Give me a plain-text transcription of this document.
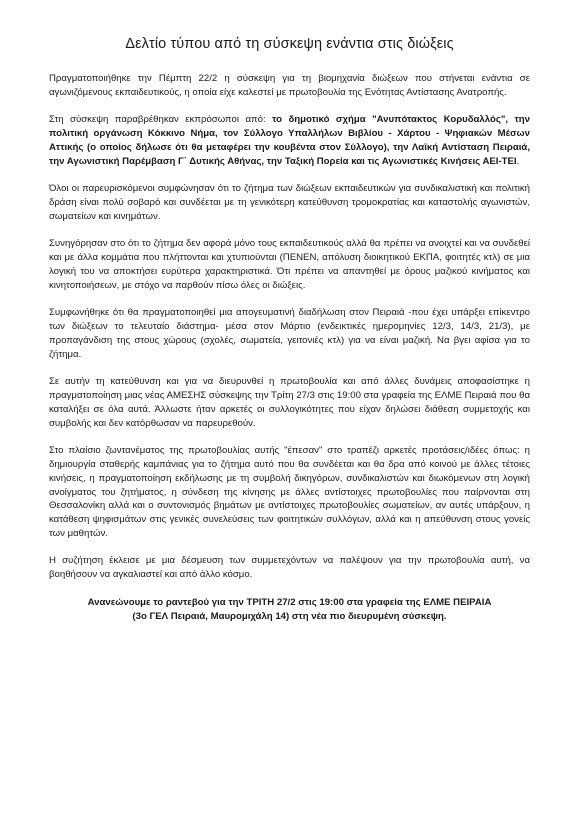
Δελτίο τύπου από τη σύσκεψη ενάντια στις διώξεις

Πραγματοποιήθηκε την Πέμπτη 22/2 η σύσκεψη για τη βιομηχανία διώξεων που στήνεται ενάντια σε αγωνιζόμενους εκπαιδευτικούς, η οποία είχε καλεστεί με πρωτοβουλία της Ενότητας Αντίστασης Ανατροπής.

Στη σύσκεψη παραβρέθηκαν εκπρόσωποι από: το δημοτικό σχήμα "Ανυπότακτος Κορυδαλλός", την πολιτική οργάνωση Κόκκινο Νήμα, τον Σύλλογο Υπαλλήλων Βιβλίου - Χάρτου - Ψηφιακών Μέσων Αττικής (ο οποίος δήλωσε ότι θα μεταφέρει την κουβέντα στον Σύλλογο), την Λαϊκή Αντίσταση Πειραιά, την Αγωνιστική Παρέμβαση Γ΄ Δυτικής Αθήνας, την Ταξική Πορεία και τις Αγωνιστικές Κινήσεις ΑΕΙ-ΤΕΙ.

Όλοι οι παρευρισκόμενοι συμφώνησαν ότι το ζήτημα των διώξεων εκπαιδευτικών για συνδικαλιστική και πολιτική δράση είναι πολύ σοβαρό και συνδέεται με τη γενικότερη κατεύθυνση τρομοκρατίας και καταστολής αγωνιστών, σωματείων και κινημάτων.

Συνηγόρησαν στο ότι το ζήτημα δεν αφορά μόνο τους εκπαιδευτικούς αλλά θα πρέπει να ανοιχτεί και να συνδεθεί και με άλλα κομμάτια που πλήττονται και χτυπιούνται (ΠΕΝΕΝ, απόλυση διοικητικού ΕΚΠΑ, φοιτητές κτλ) σε μια λογική του να αποκτήσει ευρύτερα χαρακτηριστικά. Ότι πρέπει να απαντηθεί με όρους μαζικού κινήματος και κινητοποιήσεων, με στόχο να παρθούν πίσω όλες οι διώξεις.

Συμφωνήθηκε ότι θα πραγματοποιηθεί μια απογευματινή διαδήλωση στον Πειραιά -που έχει υπάρξει επίκεντρο των διώξεων το τελευταίο διάστημα- μέσα στον Μάρτιο (ενδεικτικές ημερομηνίες 12/3, 14/3, 21/3), με προπαγάνδιση της στους χώρους (σχολές, σωματεία, γειτονιές κτλ) για να είναι μαζική. Να βγει αφίσα για το ζήτημα.

Σε αυτήν τη κατεύθυνση και για να διευρυνθεί η πρωτοβουλία και από άλλες δυνάμεις αποφασίστηκε η πραγματοποίηση μιας νέας ΑΜΕΣΗΣ σύσκεψης την Τρίτη 27/3 στις 19:00 στα γραφεία της ΕΛΜΕ Πειραιά που θα καταλήξει σε όλα αυτά. Άλλωστε ήταν αρκετές οι συλλογικότητες που είχαν δηλώσει διάθεση συμμετοχής και συμβολής και δεν κατόρθωσαν να παρευρεθούν.

Στο πλαίσιο ζωντανέματος της πρωτοβουλίας αυτής "έπεσαν" στο τραπέζι αρκετές προτάσεις/ιδέες όπως: η δημιουργία σταθερής καμπάνιας για το ζήτημα αυτό που θα συνδέεται και θα δρα από κοινού με άλλες τέτοιες κινήσεις, η πραγματοποίηση εκδήλωσης με τη συμβολή δικηγόρων, συνδικαλιστών και διωκόμενων στη λογική ανοίγματος του ζητήματος, η σύνδεση της κίνησης με άλλες αντίστοιχες πρωτοβουλίες που παίρνονται στη Θεσσαλονίκη αλλά και ο συντονισμός βημάτων με αντίστοιχες πρωτοβουλίες σωματείων, αν αυτές υπάρξουν, η κατάθεση ψηφισμάτων στις γενικές συνελεύσεις των φοιτητικών συλλόγων, αλλά και η απεύθυνση στους γονείς των μαθητών.

Η συζήτηση έκλεισε με μια δέσμευση των συμμετεχόντων να παλέψουν για την πρωτοβουλία αυτή, να βοηθήσουν να αγκαλιαστεί και από άλλο κόσμο.

Ανανεώνουμε το ραντεβού για την ΤΡΙΤΗ 27/2 στις 19:00 στα γραφεία της ΕΛΜΕ ΠΕΙΡΑΙΑ
(3ο ΓΕΛ Πειραιά, Μαυρομιχάλη 14) στη νέα πιο διευρυμένη σύσκεψη.
